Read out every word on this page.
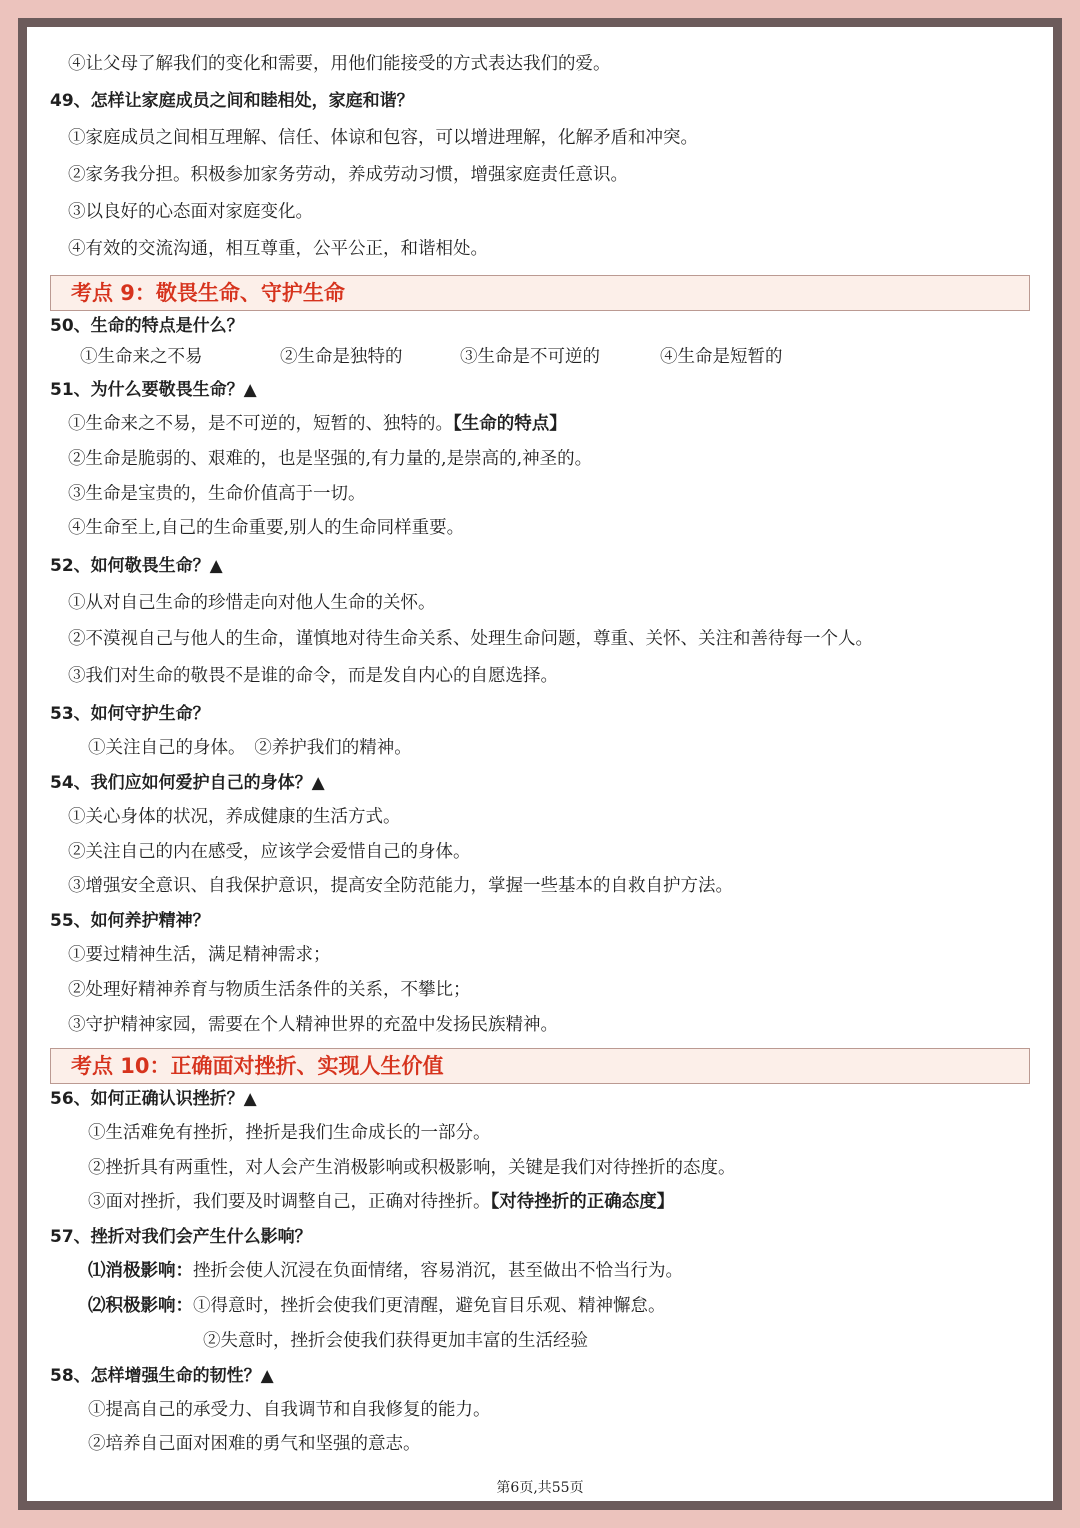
④让父母了解我们的变化和需要，用他们能接受的方式表达我们的爱。
49、怎样让家庭成员之间和睦相处，家庭和谐？
①家庭成员之间相互理解、信任、体谅和包容，可以增进理解，化解矛盾和冲突。
②家务我分担。积极参加家务劳动，养成劳动习惯，增强家庭责任意识。
③以良好的心态面对家庭变化。
④有效的交流沟通，相互尊重，公平公正，和谐相处。
考点 9：敬畏生命、守护生命
50、生命的特点是什么？
①生命来之不易	②生命是独特的	③生命是不可逆的	④生命是短暂的
51、为什么要敬畏生命？▲
①生命来之不易，是不可逆的，短暂的、独特的。【生命的特点】
②生命是脆弱的、艰难的，也是坚强的,有力量的,是崇高的,神圣的。
③生命是宝贵的，生命价值高于一切。
④生命至上,自己的生命重要,别人的生命同样重要。
52、如何敬畏生命？▲
①从对自己生命的珍惜走向对他人生命的关怀。
②不漠视自己与他人的生命，谨慎地对待生命关系、处理生命问题，尊重、关怀、关注和善待每一个人。
③我们对生命的敬畏不是谁的命令，而是发自内心的自愿选择。
53、如何守护生命？
①关注自己的身体。　②养护我们的精神。
54、我们应如何爱护自己的身体？▲
①关心身体的状况，养成健康的生活方式。
②关注自己的内在感受，应该学会爱惜自己的身体。
③增强安全意识、自我保护意识，提高安全防范能力，掌握一些基本的自救自护方法。
55、如何养护精神？
①要过精神生活，满足精神需求；
②处理好精神养育与物质生活条件的关系，不攀比；
③守护精神家园，需要在个人精神世界的充盈中发扬民族精神。
考点 10：正确面对挫折、实现人生价值
56、如何正确认识挫折？▲
①生活难免有挫折，挫折是我们生命成长的一部分。
②挫折具有两重性，对人会产生消极影响或积极影响，关键是我们对待挫折的态度。
③面对挫折，我们要及时调整自己，正确对待挫折。【对待挫折的正确态度】
57、挫折对我们会产生什么影响？
⑴消极影响：挫折会使人沉浸在负面情绪，容易消沉，甚至做出不恰当行为。
⑵积极影响：①得意时，挫折会使我们更清醒，避免盲目乐观、精神懈怠。
②失意时，挫折会使我们获得更加丰富的生活经验
58、怎样增强生命的韧性？▲
①提高自己的承受力、自我调节和自我修复的能力。
②培养自己面对困难的勇气和坚强的意志。
第6页,共55页
